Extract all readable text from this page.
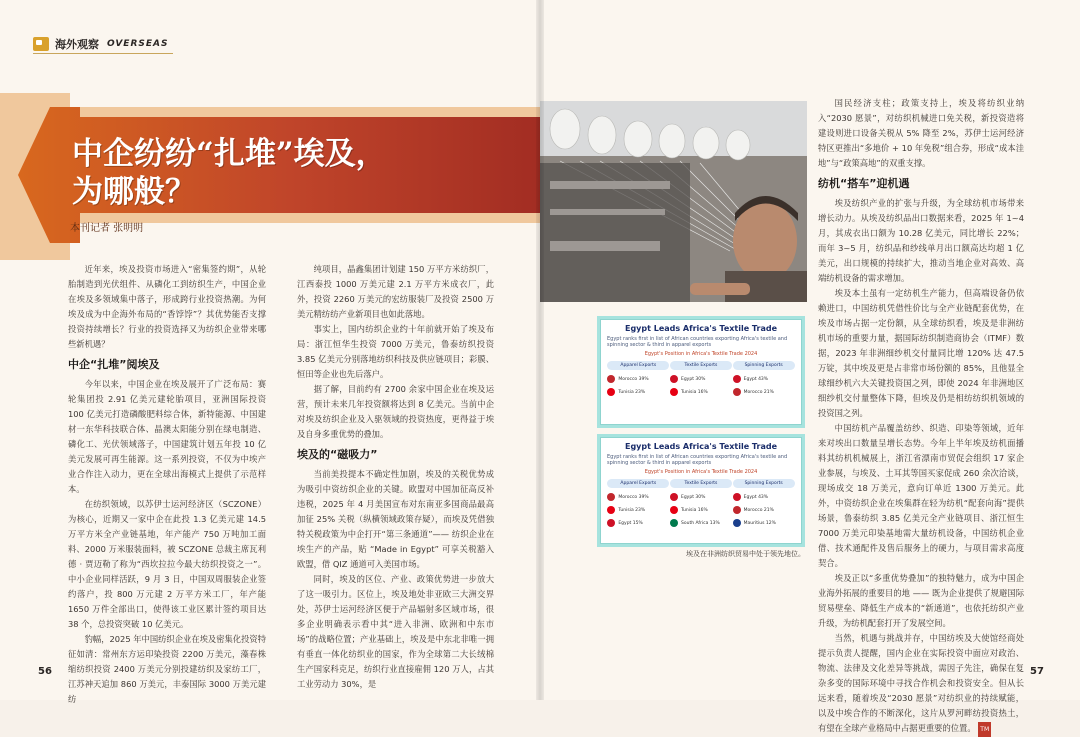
海外观察 OVERSEAS
中企纷纷“扎堆”埃及，
为哪般？
本刊记者 张明明

近年来，埃及投资市场进入“密集签约期”，从轮胎制造到光伏组件、从磷化工到纺织生产，中国企业在埃及多领域集中落子，形成跨行业投资热潮。为何埃及成为中企海外布局的“香饽饽”？其优势能否支撑投资持续增长？行业的投资选择又为纺织企业带来哪些新机遇？

中企“扎堆”阅埃及

今年以来，中国企业在埃及展开了广泛布局：赛轮集团投 2.91 亿美元建轮胎项目，亚洲国际投资 100 亿美元打造磷酸肥料综合体，新特能源、中国建材一东华科技联合体、晶澳太阳能分别在绿电制造、磷化工、光伏领域落子，中国建筑计划五年投 10 亿美元发展可再生能源。这一系列投资，不仅为中埃产业合作注入动力，更在全球出海模式上提供了示范样本。

在纺织领域，以苏伊士运河经济区（SCZONE）为核心，近期又一家中企在此投 1.3 亿美元建 14.5 万平方米全产业链基地，年产能产 750 万吨加工面料、2000 万米服装面料，被 SCZONE 总裁主席瓦利德 · 贾迈勒了称为“西坎拉拉今最大纺织投资之一”。中小企业同样活跃，9 月 3 日，中国双周服装企业签约落户，投 800 万元建 2 万平方米工厂，年产能 1650 万件全部出口，使得该工业区累计签约项目达 38 个，总投资突破 10 亿美元。

豹幅，2025 年中国纺织企业在埃及密集化投资特征如清：常州东方运印染投资 2200 万美元，藻春株缩纺织投资 2400 万美元分别投建纺织及家纺工厂，江苏神天追加 860 万美元，丰泰国际 3000 万美元建纺

纯项目，晶鑫集团计划建 150 万平方米纺织厂，江西泰投 1000 万美元建 2.1 万平方米成衣厂，此外，投资 2260 万美元的宏纺服装厂及投资 2500 万美元精纺纺产业新项目也如此落地。

事实上，国内纺织企业约十年前就开始了埃及布局：浙江恒华生投资 7000 万美元，鲁泰纺织投资 3.85 亿美元分别落地纺织科技及供应链项目；彩膜、恒田等企业也先后落户。

据了解，目前约有 2700 余家中国企业在埃及运营，预计未来几年投资额将达到 8 亿美元。当前中企对埃及纺织企业及入驱领域的投资热度，更得益于埃及自身多重优势的叠加。

埃及的“磁吸力”

当前美投提本不确定性加剧，埃及的关税优势成为吸引中资纺织企业的关键。欧盟对中国加征高反补违税，2025 年 4 月美国宣布对东南亚多国商品最高加征 25% 关税（纵横领域政策存疑），而埃及凭借独特关税政策为中企打开“第三条通道”—— 纺织企业在埃生产的产品，贴 “Made in Egypt” 可享关税豁入欧盟，借 QIZ 通道可入美国市场。

同时，埃及的区位、产业、政策优势进一步放大了这一吸引力。区位上，埃及地处非亚欧三大洲交界处，苏伊士运河经济区便于产品辐射多区域市场，很多企业明确表示看中其“进入非洲、欧洲和中东市场”的战略位置；产业基础上，埃及是中东北非唯一拥有垂直一体化纺织业的国家，作为全球第二大长绒棉生产国家科克足，纺织行业直接雇佣 120 万人，占其工业劳动力 30%，是

国民经济支柱；政策支持上，埃及将纺织业纳入“2030 愿景”，对纺织机械进口免关税，新投资造将建设则进口设备关税从 5% 降至 2%，苏伊士运河经济特区更推出“多地价 + 10 年免税”组合券，形成“成本洼地”与“政策高地”的双重支撑。

纺机“搭车”迎机遇

埃及纺织产业的扩张与升级，为全球纺机市场带来增长动力。从埃及纺织品出口数据来看，2025 年 1~4 月，其成衣出口额为 10.28 亿美元，同比增长 22%；而年 3~5 月，纺织品和纱线单月出口额高达均超 1 亿美元，出口规模的持续扩大，推动当地企业对高效、高端纺机设备的需求增加。

埃及本土虽有一定纺机生产能力，但高端设备仍依赖进口，中国纺机凭借性价比与全产业链配套优势，在埃及市场占据一定份额，从全球纺织看，埃及是非洲纺机市场的重要力量，据国际纺织制造商协会（ITMF）数据，2023 年非洲细纱机交付量同比增 120% 达 47.5 万锭，其中埃及更是占非常市场份额的 85%，且他显全球细纱机六大关键投资国之列，即使 2024 年非洲地区细纱机交付量整体下降，但埃及仍是相纺纺织机领域的投资国之列。

中国纺机产品覆盖纺纱、织造、印染等领域，近年来对埃出口数量呈增长态势。今年上半年埃及纺机面播料其纺机机械展上，浙江省漂南市贸促会组织 17 家企业参展，与埃及、土耳其等国买家促成 260 余次洽谈，现场成交 18 万美元，意向订单近 1300 万美元。此外，中资纺织企业在埃集群在轻为纺机“配套向海”提供场景，鲁泰纺织 3.85 亿美元全产业链项目、浙江恒生 7000 万美元印染基地需大量纺机设备，中国纺机企业借、技术通配件及售后服务上的硬力，与项目需求高度契合。

埃及正以“多重优势叠加”的独特魅力，成为中国企业海外拓展的重要目的地 —— 既为企业提供了规避国际贸易壁垒、降低生产成本的“新通道”，也依托纺织产业升级，为纺机配套打开了发展空间。

当然，机遇与挑战并存，中国纺埃及大使馆经商处提示负责人提醒，国内企业在实际投资中面应对政治、物流、法律及文化差异等挑战，需因子先注，确保在复杂多变的国际环境中寻找合作机会和投资安全。但从长远来看，随着埃及“2030 愿景”对纺织业的持续赋能，以及中埃合作的不断深化，这片从罗河畔纺投资热土，有望在全球产业格局中占据更重要的位置。 TM

Egypt Leads Africa's Textile Trade
Egypt ranks first in list of African countries exporting Africa's textile and spinning sector & third in apparel exports
Egypt's Position in Africa's Textile Trade 2024
Apparel Exports
Morocco
39%
Tunisia
23%
Textile Exports
Egypt
30%
Tunisia
16%
Spinning Exports
Egypt
43%
Morocco
21%
Egypt Leads Africa's Textile Trade
Egypt ranks first in list of African countries exporting Africa's textile and spinning sector & third in apparel exports
Egypt's Position in Africa's Textile Trade 2024
Apparel Exports
Morocco
39%
Tunisia
23%
Egypt
15%
Textile Exports
Egypt
30%
Tunisia
16%
South Africa
13%
Spinning Exports
Egypt
43%
Morocco
21%
Mauritius
12%
埃及在非洲纺织贸易中处于领先地位。
56	57
